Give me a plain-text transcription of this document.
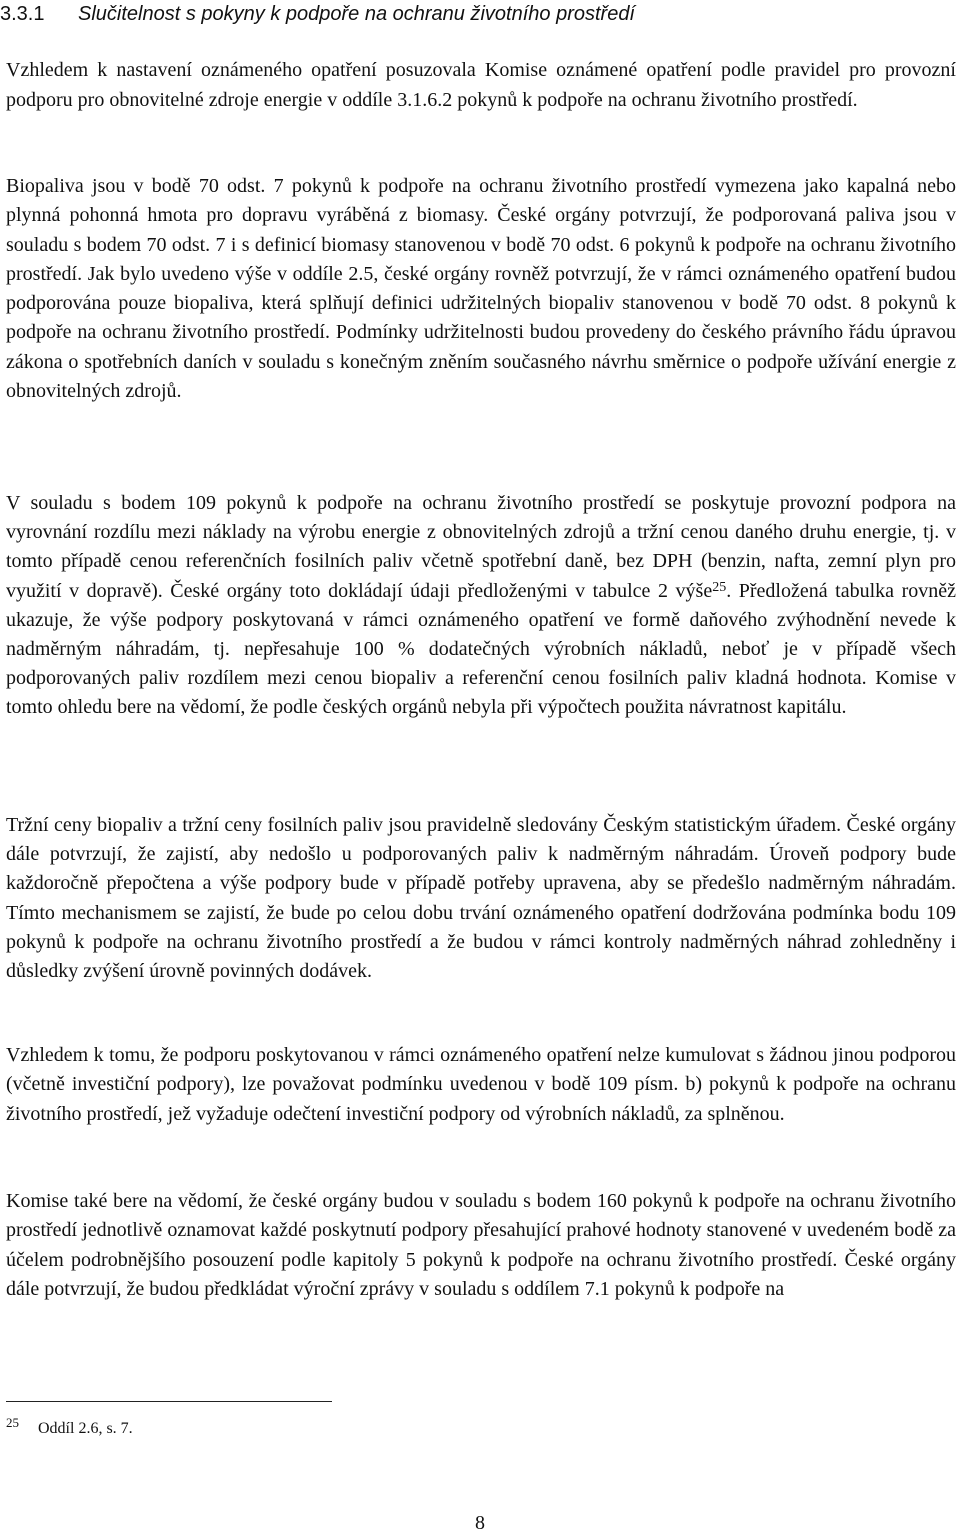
3.3.1 Slučitelnost s pokyny k podpoře na ochranu životního prostředí

Vzhledem k nastavení oznámeného opatření posuzovala Komise oznámené opatření podle pravidel pro provozní podporu pro obnovitelné zdroje energie v oddíle 3.1.6.2 pokynů k podpoře na ochranu životního prostředí.

Biopaliva jsou v bodě 70 odst. 7 pokynů k podpoře na ochranu životního prostředí vymezena jako kapalná nebo plynná pohonná hmota pro dopravu vyráběná z biomasy. České orgány potvrzují, že podporovaná paliva jsou v souladu s bodem 70 odst. 7 i s definicí biomasy stanovenou v bodě 70 odst. 6 pokynů k podpoře na ochranu životního prostředí. Jak bylo uvedeno výše v oddíle 2.5, české orgány rovněž potvrzují, že v rámci oznámeného opatření budou podporována pouze biopaliva, která splňují definici udržitelných biopaliv stanovenou v bodě 70 odst. 8 pokynů k podpoře na ochranu životního prostředí. Podmínky udržitelnosti budou provedeny do českého právního řádu úpravou zákona o spotřebních daních v souladu s konečným zněním současného návrhu směrnice o podpoře užívání energie z obnovitelných zdrojů.

V souladu s bodem 109 pokynů k podpoře na ochranu životního prostředí se poskytuje provozní podpora na vyrovnání rozdílu mezi náklady na výrobu energie z obnovitelných zdrojů a tržní cenou daného druhu energie, tj. v tomto případě cenou referenčních fosilních paliv včetně spotřební daně, bez DPH (benzin, nafta, zemní plyn pro využití v dopravě). České orgány toto dokládají údaji předloženými v tabulce 2 výše$^{25}$. Předložená tabulka rovněž ukazuje, že výše podpory poskytovaná v rámci oznámeného opatření ve formě daňového zvýhodnění nevede k nadměrným náhradám, tj. nepřesahuje 100 % dodatečných výrobních nákladů, neboť je v případě všech podporovaných paliv rozdílem mezi cenou biopaliv a referenční cenou fosilních paliv kladná hodnota. Komise v tomto ohledu bere na vědomí, že podle českých orgánů nebyla při výpočtech použita návratnost kapitálu.

Tržní ceny biopaliv a tržní ceny fosilních paliv jsou pravidelně sledovány Českým statistickým úřadem. České orgány dále potvrzují, že zajistí, aby nedošlo u podporovaných paliv k nadměrným náhradám. Úroveň podpory bude každoročně přepočtena a výše podpory bude v případě potřeby upravena, aby se předešlo nadměrným náhradám. Tímto mechanismem se zajistí, že bude po celou dobu trvání oznámeného opatření dodržována podmínka bodu 109 pokynů k podpoře na ochranu životního prostředí a že budou v rámci kontroly nadměrných náhrad zohledněny i důsledky zvýšení úrovně povinných dodávek.

Vzhledem k tomu, že podporu poskytovanou v rámci oznámeného opatření nelze kumulovat s žádnou jinou podporou (včetně investiční podpory), lze považovat podmínku uvedenou v bodě 109 písm. b) pokynů k podpoře na ochranu životního prostředí, jež vyžaduje odečtení investiční podpory od výrobních nákladů, za splněnou.

Komise také bere na vědomí, že české orgány budou v souladu s bodem 160 pokynů k podpoře na ochranu životního prostředí jednotlivě oznamovat každé poskytnutí podpory přesahující prahové hodnoty stanovené v uvedeném bodě za účelem podrobnějšího posouzení podle kapitoly 5 pokynů k podpoře na ochranu životního prostředí. České orgány dále potvrzují, že budou předkládat výroční zprávy v souladu s oddílem 7.1 pokynů k podpoře na

25 Oddíl 2.6, s. 7.
8
